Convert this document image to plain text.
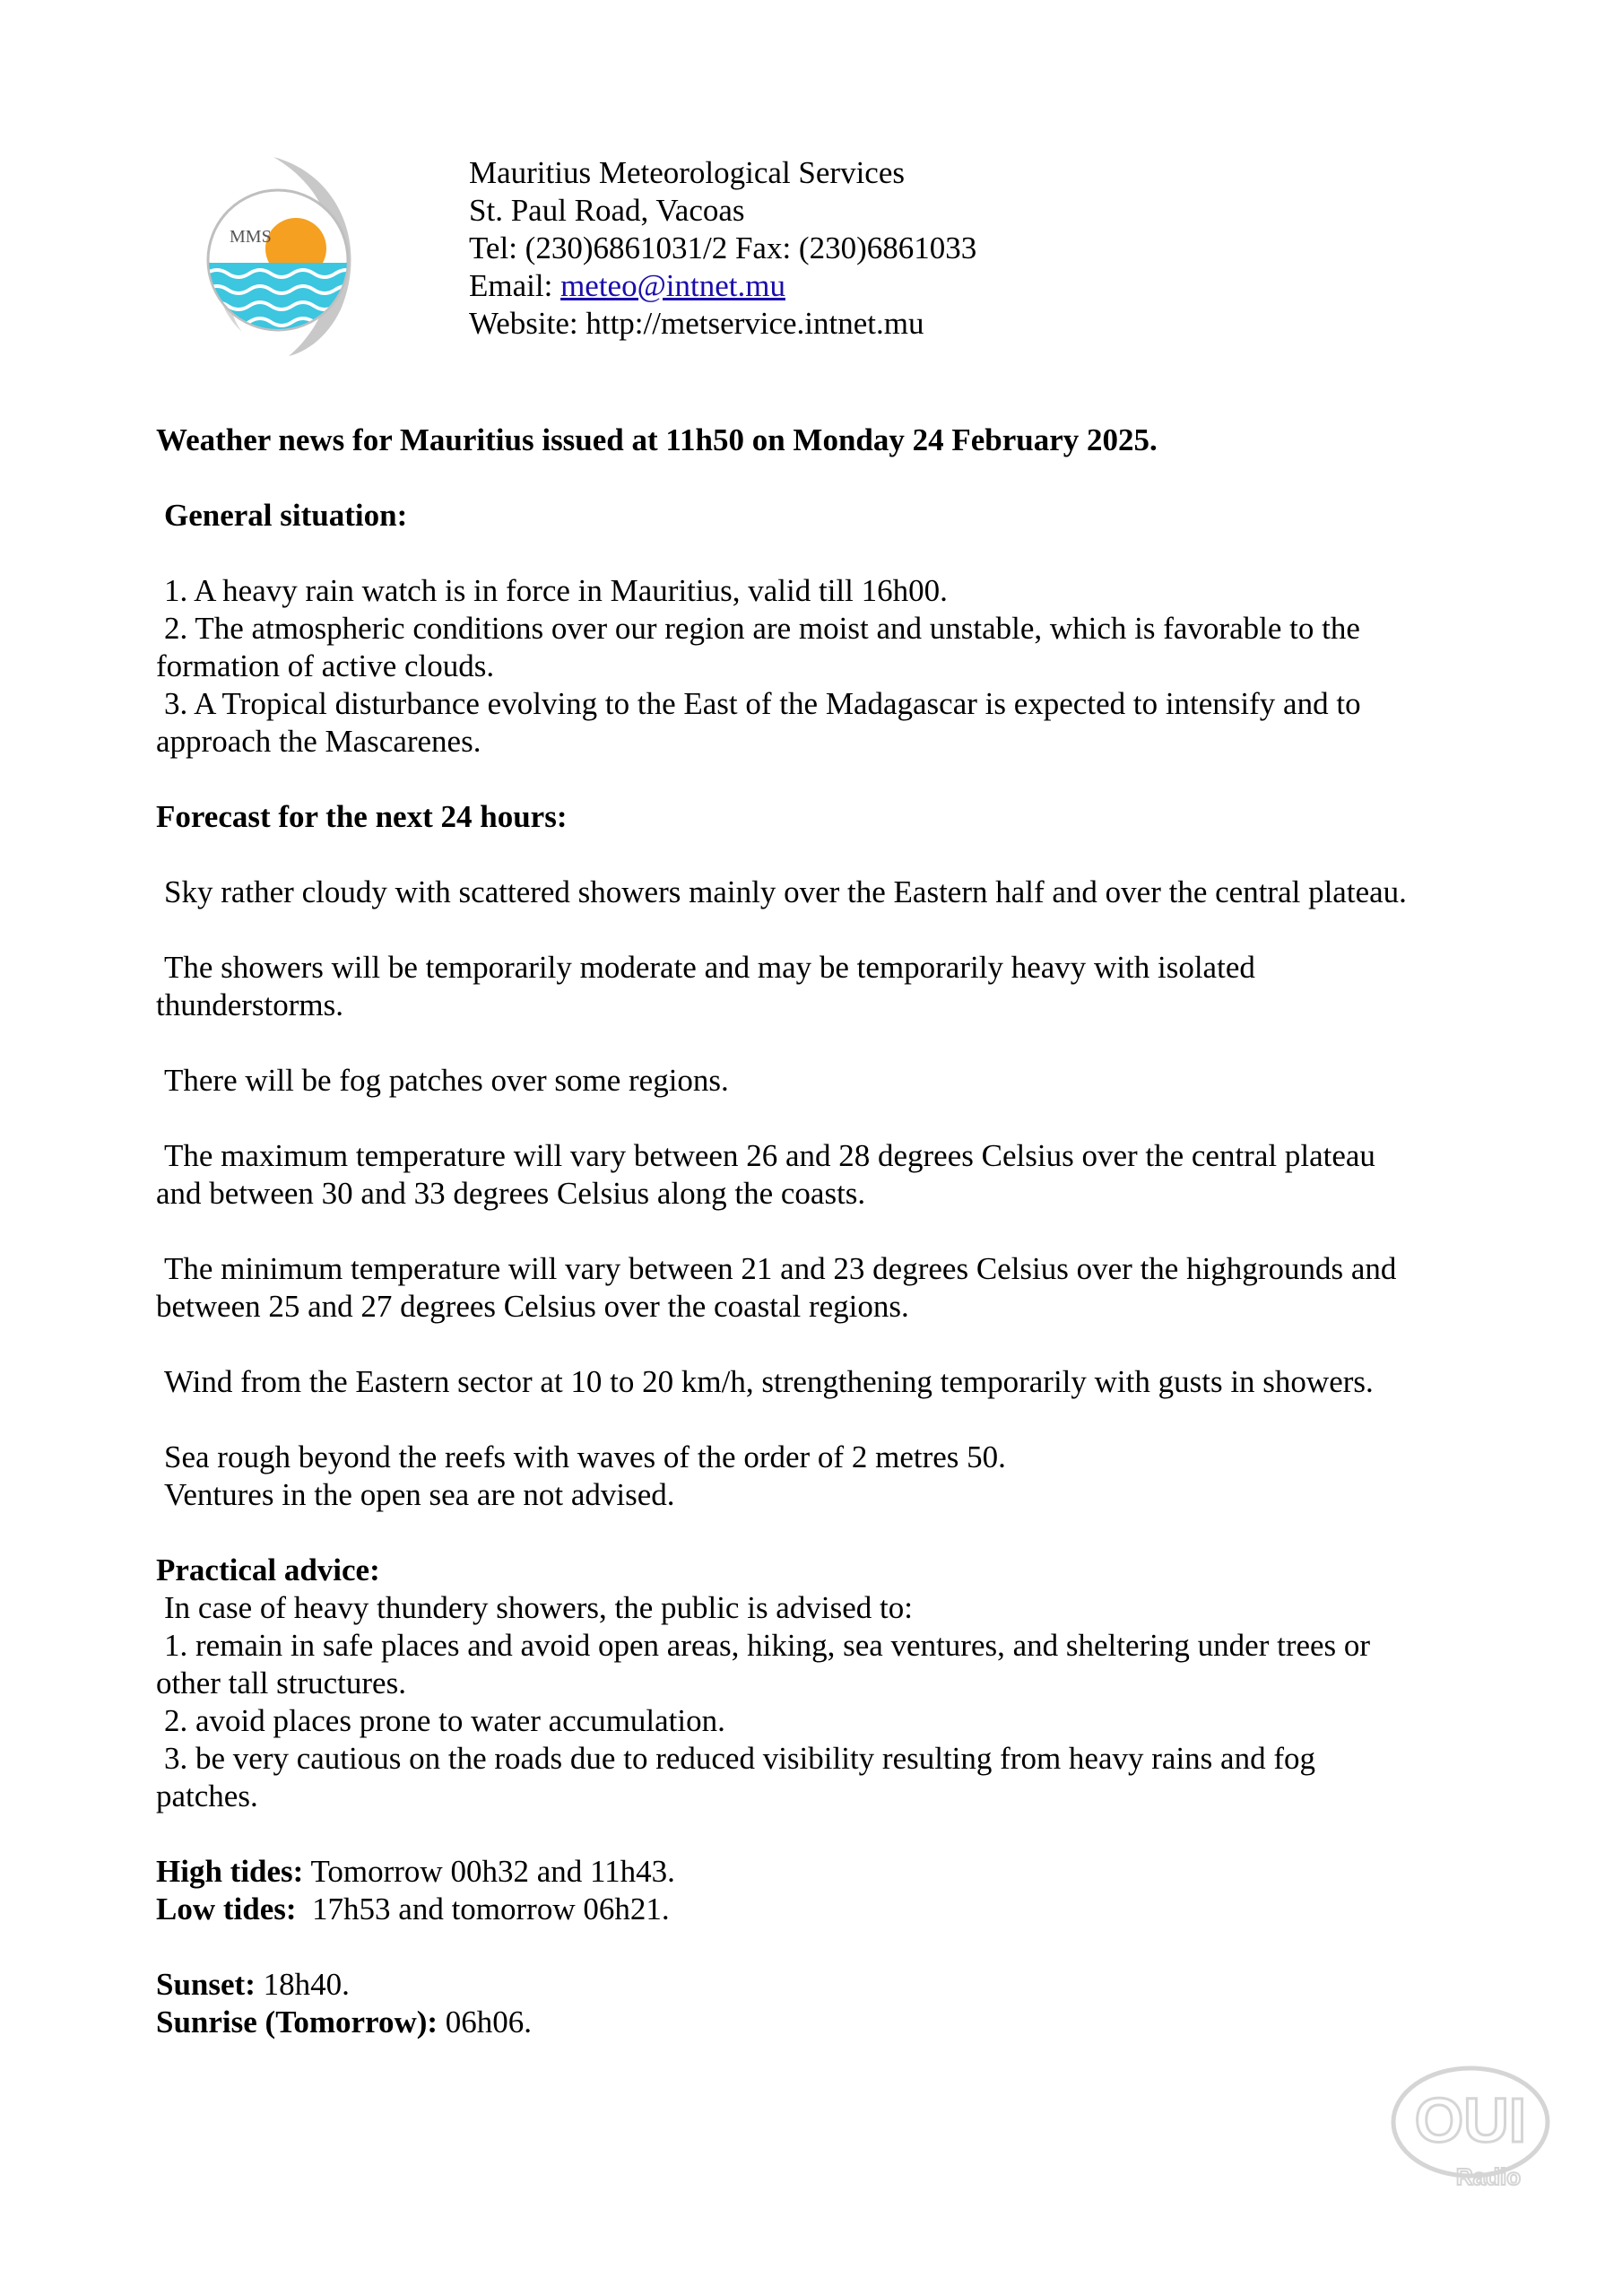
MMS
Mauritius Meteorological Services
St. Paul Road, Vacoas
Tel: (230)6861031/2 Fax: (230)6861033
Email: meteo@intnet.mu
Website: http://metservice.intnet.mu
Weather news for Mauritius issued at 11h50 on Monday 24 February 2025.
General situation:
1. A heavy rain watch is in force in Mauritius, valid till 16h00.
2. The atmospheric conditions over our region are moist and unstable, which is favorable to the
formation of active clouds.
3. A Tropical disturbance evolving to the East of the Madagascar is expected to intensify and to
approach the Mascarenes.
Forecast for the next 24 hours:
Sky rather cloudy with scattered showers mainly over the Eastern half and over the central plateau.
The showers will be temporarily moderate and may be temporarily heavy with isolated
thunderstorms.
There will be fog patches over some regions.
The maximum temperature will vary between 26 and 28 degrees Celsius over the central plateau
and between 30 and 33 degrees Celsius along the coasts.
The minimum temperature will vary between 21 and 23 degrees Celsius over the highgrounds and
between 25 and 27 degrees Celsius over the coastal regions.
Wind from the Eastern sector at 10 to 20 km/h, strengthening temporarily with gusts in showers.
Sea rough beyond the reefs with waves of the order of 2 metres 50.
Ventures in the open sea are not advised.
Practical advice:
In case of heavy thundery showers, the public is advised to:
1. remain in safe places and avoid open areas, hiking, sea ventures, and sheltering under trees or
other tall structures.
2. avoid places prone to water accumulation.
3. be very cautious on the roads due to reduced visibility resulting from heavy rains and fog
patches.
High tides: Tomorrow 00h32 and 11h43.
Low tides:  17h53 and tomorrow 06h21.
Sunset: 18h40.
Sunrise (Tomorrow): 06h06.
OUI
Radio
